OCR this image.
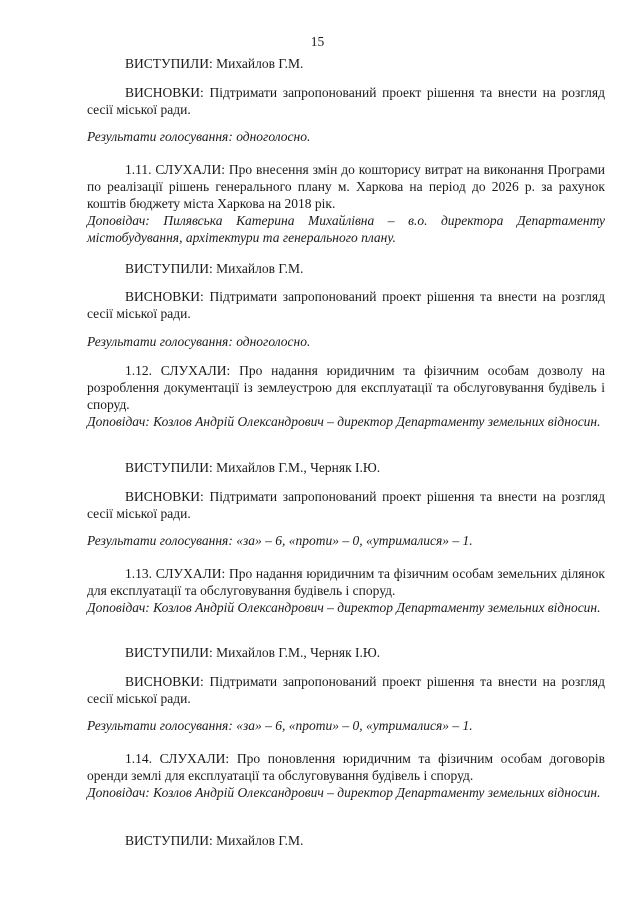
15
ВИСТУПИЛИ: Михайлов Г.М.
ВИСНОВКИ: Підтримати запропонований проект рішення та внести на розгляд сесії міської ради.
Результати голосування: одноголосно.
1.11. СЛУХАЛИ: Про внесення змін до кошторису витрат на виконання Програми по реалізації рішень генерального плану м. Харкова на період до 2026 р. за рахунок коштів бюджету міста Харкова на 2018 рік.
Доповідач: Пилявська Катерина Михайлівна – в.о. директора Департаменту містобудування, архітектури та генерального плану.
ВИСТУПИЛИ: Михайлов Г.М.
ВИСНОВКИ: Підтримати запропонований проект рішення та внести на розгляд сесії міської ради.
Результати голосування: одноголосно.
1.12. СЛУХАЛИ: Про надання юридичним та фізичним особам дозволу на розроблення документації із землеустрою для експлуатації та обслуговування будівель і споруд.
Доповідач: Козлов Андрій Олександрович – директор Департаменту земельних відносин.
ВИСТУПИЛИ: Михайлов Г.М., Черняк І.Ю.
ВИСНОВКИ: Підтримати запропонований проект рішення та внести на розгляд сесії міської ради.
Результати голосування: «за» – 6, «проти» – 0, «утрималися» – 1.
1.13. СЛУХАЛИ: Про надання юридичним та фізичним особам земельних ділянок для експлуатації та обслуговування будівель і споруд.
Доповідач: Козлов Андрій Олександрович – директор Департаменту земельних відносин.
ВИСТУПИЛИ: Михайлов Г.М., Черняк І.Ю.
ВИСНОВКИ: Підтримати запропонований проект рішення та внести на розгляд сесії міської ради.
Результати голосування: «за» – 6, «проти» – 0, «утрималися» – 1.
1.14. СЛУХАЛИ: Про поновлення юридичним та фізичним особам договорів оренди землі для експлуатації та обслуговування будівель і споруд.
Доповідач: Козлов Андрій Олександрович – директор Департаменту земельних відносин.
ВИСТУПИЛИ: Михайлов Г.М.
